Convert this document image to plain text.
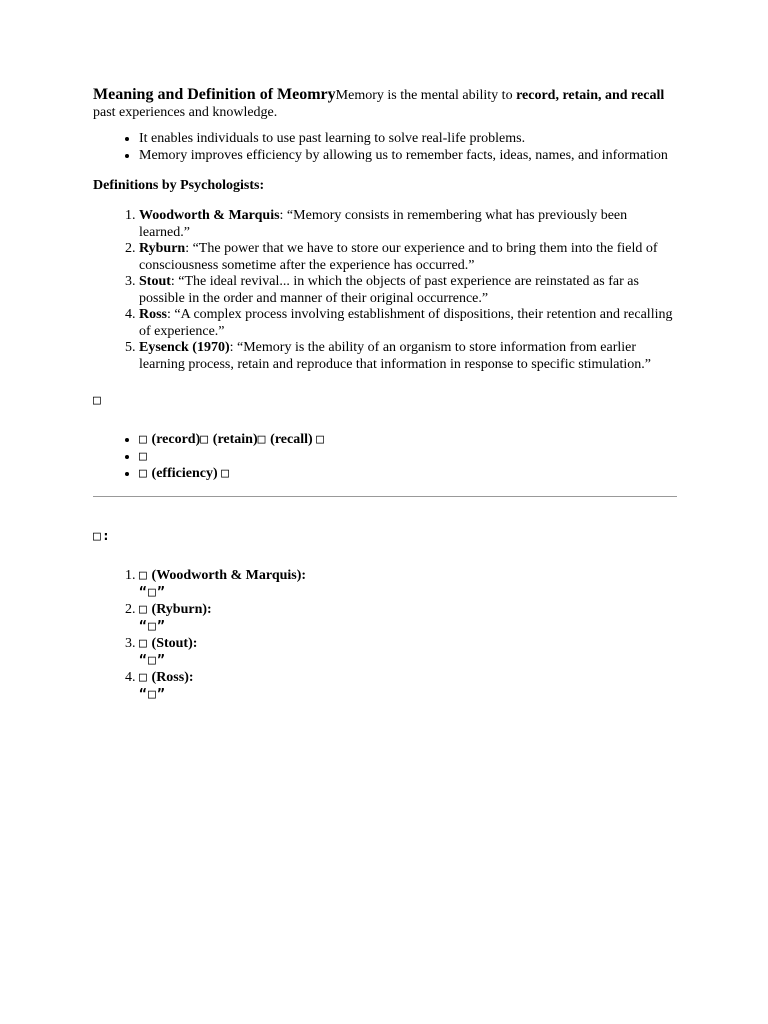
Meaning and Definition of MeomryMemory is the mental ability to record, retain, and recall past experiences and knowledge.

• It enables individuals to use past learning to solve real-life problems.
• Memory improves efficiency by allowing us to remember facts, ideas, names, and information

Definitions by Psychologists:

1. Woodworth & Marquis: “Memory consists in remembering what has previously been learned.”
2. Ryburn: “The power that we have to store our experience and to bring them into the field of consciousness sometime after the experience has occurred.”
3. Stout: “The ideal revival... in which the objects of past experience are reinstated as far as possible in the order and manner of their original occurrence.”
4. Ross: “A complex process involving establishment of dispositions, their retention and recalling of experience.”
5. Eysenck (1970): “Memory is the ability of an organism to store information from earlier learning process, retain and reproduce that information in response to specific stimulation.”

□

• □ (record)□ (retain)□ (recall) □
• □
• □ (efficiency) □

□:

1. □ (Woodworth & Marquis):
“□”
2. □ (Ryburn):
“□”
3. □ (Stout):
“□”
4. □ (Ross):
“□”
